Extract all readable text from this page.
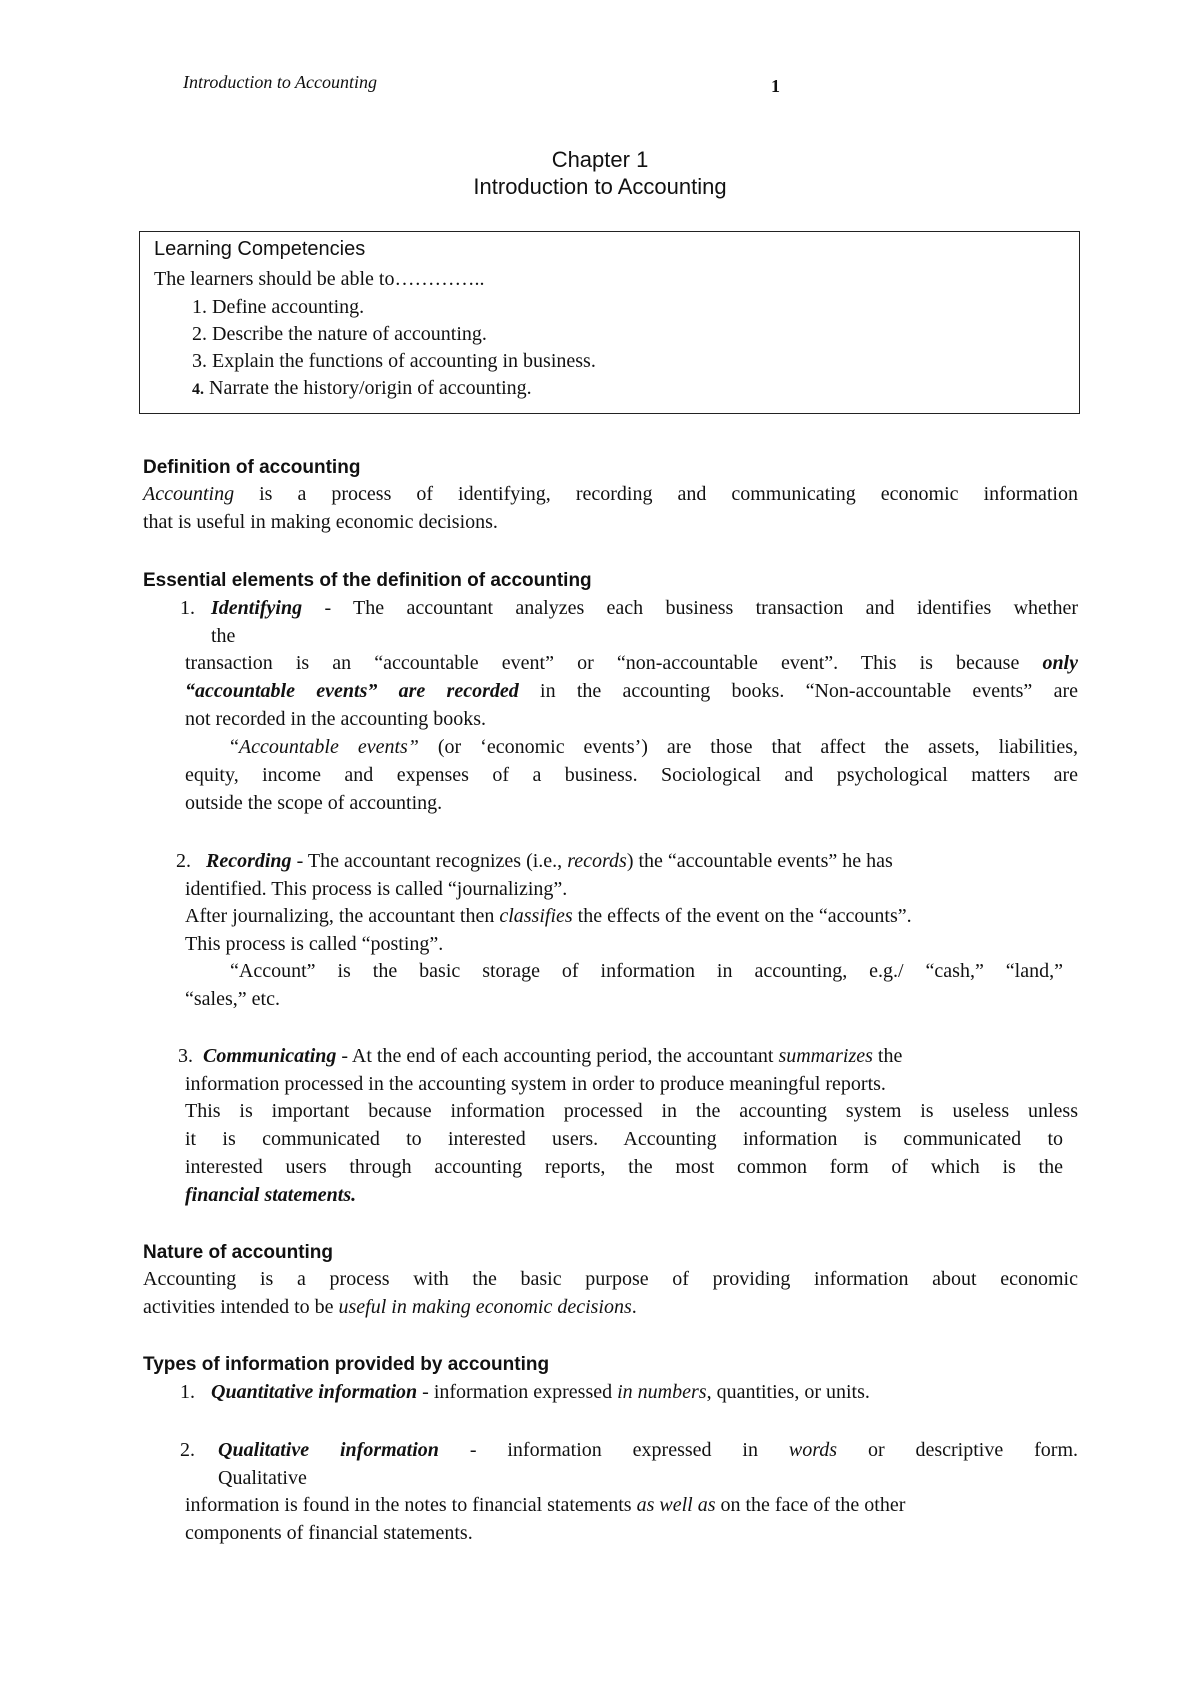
Introduction to Accounting	1
Chapter 1
Introduction to Accounting
Learning Competencies
The learners should be able to…………..
1. Define accounting.
2. Describe the nature of accounting.
3. Explain the functions of accounting in business.
4. Narrate the history/origin of accounting.
Definition of accounting
Accounting is a process of identifying, recording and communicating economic information
that is useful in making economic decisions.
Essential elements of the definition of accounting
1. Identifying - The accountant analyzes each business transaction and identifies whether
the
transaction is an “accountable event” or “non-accountable event”. This is because only
“accountable events” are recorded in the accounting books. “Non-accountable events” are
not recorded in the accounting books.
“Accountable events” (or ‘economic events’) are those that affect the assets, liabilities,
equity, income and expenses of a business. Sociological and psychological matters are
outside the scope of accounting.
2. Recording - The accountant recognizes (i.e., records) the “accountable events” he has
identified. This process is called “journalizing”.
After journalizing, the accountant then classifies the effects of the event on the “accounts”.
This process is called “posting”.
“Account” is the basic storage of information in accounting, e.g./ “cash,” “land,”
“sales,” etc.
3. Communicating - At the end of each accounting period, the accountant summarizes the
information processed in the accounting system in order to produce meaningful reports.
This is important because information processed in the accounting system is useless unless
it is communicated to interested users. Accounting information is communicated to
interested users through accounting reports, the most common form of which is the
financial statements.
Nature of accounting
Accounting is a process with the basic purpose of providing information about economic
activities intended to be useful in making economic decisions.
Types of information provided by accounting
1. Quantitative information - information expressed in numbers, quantities, or units.
2. Qualitative information - information expressed in words or descriptive form.
Qualitative
information is found in the notes to financial statements as well as on the face of the other
components of financial statements.
